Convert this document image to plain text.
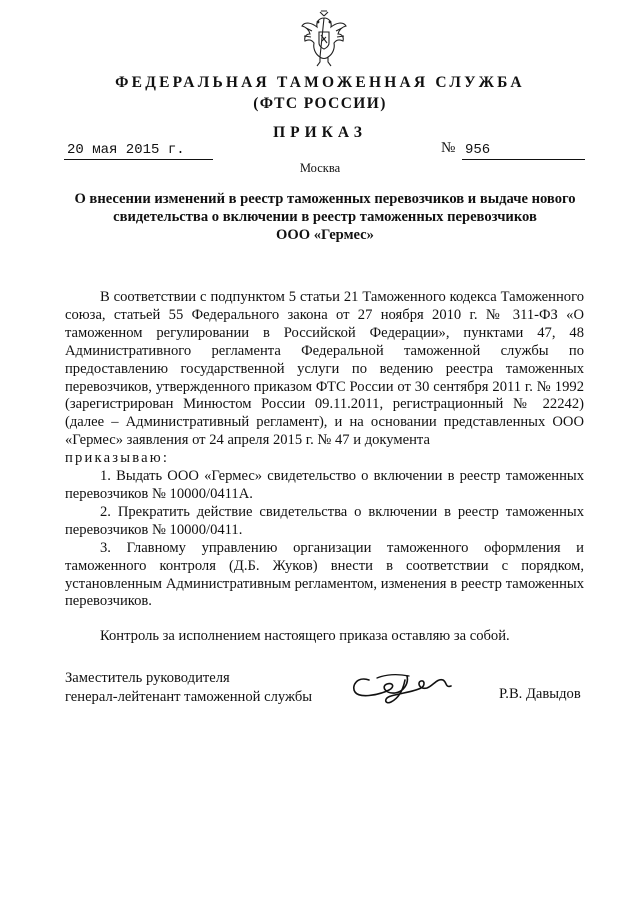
ФЕДЕРАЛЬНАЯ ТАМОЖЕННАЯ СЛУЖБА
(ФТС РОССИИ)
ПРИКАЗ
20 мая 2015 г.	№ 956
Москва
О внесении изменений в реестр таможенных перевозчиков и выдаче нового
свидетельства о включении в реестр таможенных перевозчиков
ООО «Гермес»

В соответствии с подпунктом 5 статьи 21 Таможенного кодекса Таможенного союза, статьей 55 Федерального закона от 27 ноября 2010 г. № 311-ФЗ «О таможенном регулировании в Российской Федерации», пунктами 47, 48 Административного регламента Федеральной таможенной службы по предоставлению государственной услуги по ведению реестра таможенных перевозчиков, утвержденного приказом ФТС России от 30 сентября 2011 г. № 1992 (зарегистрирован Минюстом России 09.11.2011, регистрационный № 22242) (далее – Административный регламент), и на основании представленных ООО «Гермес» заявления от 24 апреля 2015 г. № 47 и документа

приказываю:

1. Выдать ООО «Гермес» свидетельство о включении в реестр таможенных перевозчиков № 10000/0411А.

2. Прекратить действие свидетельства о включении в реестр таможенных перевозчиков № 10000/0411.

3. Главному управлению организации таможенного оформления и таможенного контроля (Д.Б. Жуков) внести в соответствии с порядком, установленным Административным регламентом, изменения в реестр таможенных перевозчиков.

Контроль за исполнением настоящего приказа оставляю за собой.

Заместитель руководителя
генерал-лейтенант таможенной службы	Р.В. Давыдов
